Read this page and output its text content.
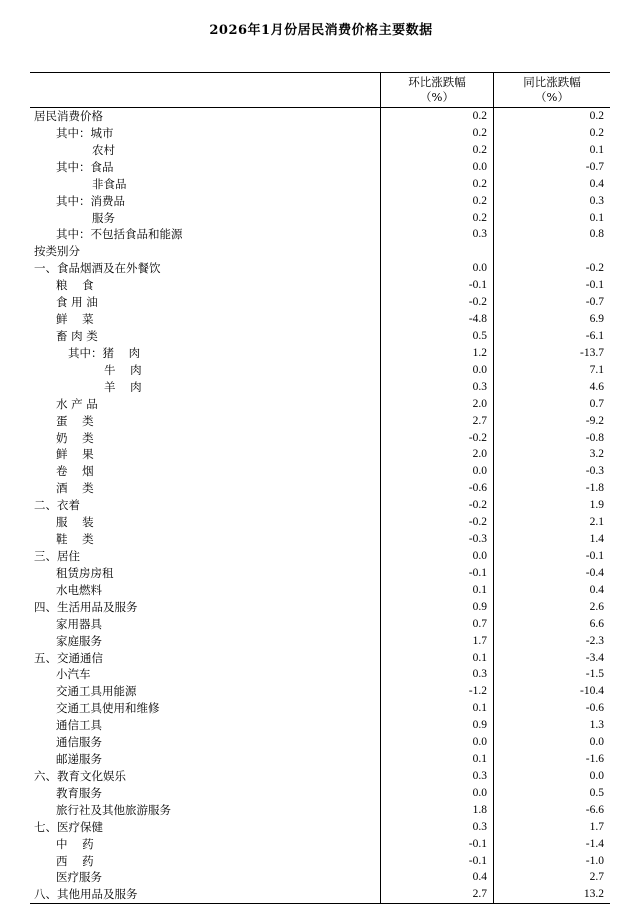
2026年1月份居民消费价格主要数据
环比涨跌幅
（%）
同比涨跌幅
（%）
居民消费价格	0.2	0.2
其中：城市	0.2	0.2
农村	0.2	0.1
其中：食品	0.0	-0.7
非食品	0.2	0.4
其中：消费品	0.2	0.3
服务	0.2	0.1
其中：不包括食品和能源	0.3	0.8
按类别分
一、食品烟酒及在外餐饮	0.0	-0.2
粮    食	-0.1	-0.1
食 用 油	-0.2	-0.7
鲜    菜	-4.8	6.9
畜 肉 类	0.5	-6.1
其中：猪    肉	1.2	-13.7
牛    肉	0.0	7.1
羊    肉	0.3	4.6
水 产 品	2.0	0.7
蛋    类	2.7	-9.2
奶    类	-0.2	-0.8
鲜    果	2.0	3.2
卷    烟	0.0	-0.3
酒    类	-0.6	-1.8
二、衣着	-0.2	1.9
服    装	-0.2	2.1
鞋    类	-0.3	1.4
三、居住	0.0	-0.1
租赁房房租	-0.1	-0.4
水电燃料	0.1	0.4
四、生活用品及服务	0.9	2.6
家用器具	0.7	6.6
家庭服务	1.7	-2.3
五、交通通信	0.1	-3.4
小汽车	0.3	-1.5
交通工具用能源	-1.2	-10.4
交通工具使用和维修	0.1	-0.6
通信工具	0.9	1.3
通信服务	0.0	0.0
邮递服务	0.1	-1.6
六、教育文化娱乐	0.3	0.0
教育服务	0.0	0.5
旅行社及其他旅游服务	1.8	-6.6
七、医疗保健	0.3	1.7
中    药	-0.1	-1.4
西    药	-0.1	-1.0
医疗服务	0.4	2.7
八、其他用品及服务	2.7	13.2
